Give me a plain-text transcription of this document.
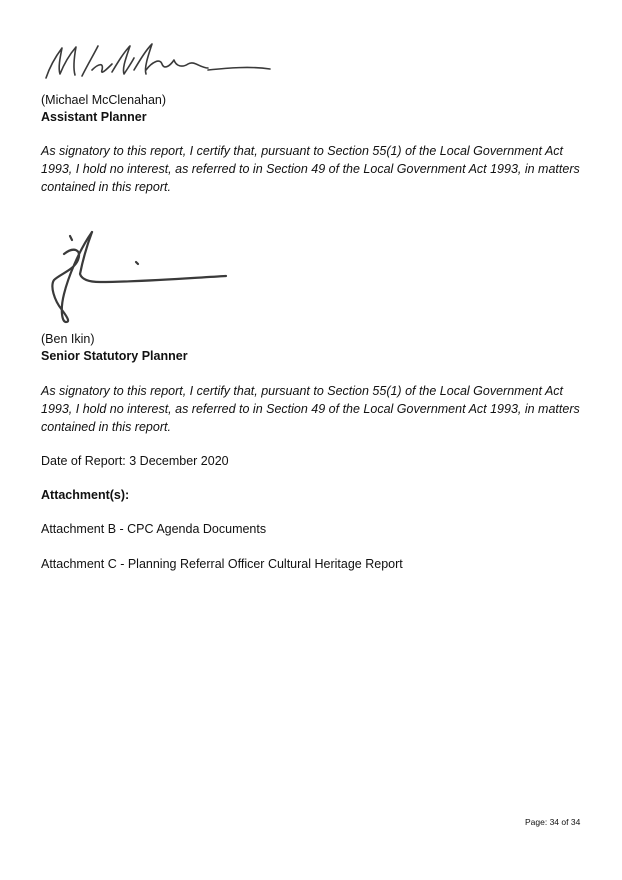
(Michael McClenahan)
Assistant Planner
As signatory to this report, I certify that, pursuant to Section 55(1) of the Local Government Act 1993, I hold no interest, as referred to in Section 49 of the Local Government Act 1993, in matters contained in this report.
(Ben Ikin)
Senior Statutory Planner
As signatory to this report, I certify that, pursuant to Section 55(1) of the Local Government Act 1993, I hold no interest, as referred to in Section 49 of the Local Government Act 1993, in matters contained in this report.
Date of Report: 3 December 2020
Attachment(s):
Attachment B - CPC Agenda Documents
Attachment C - Planning Referral Officer Cultural Heritage Report
Page: 34 of 34
